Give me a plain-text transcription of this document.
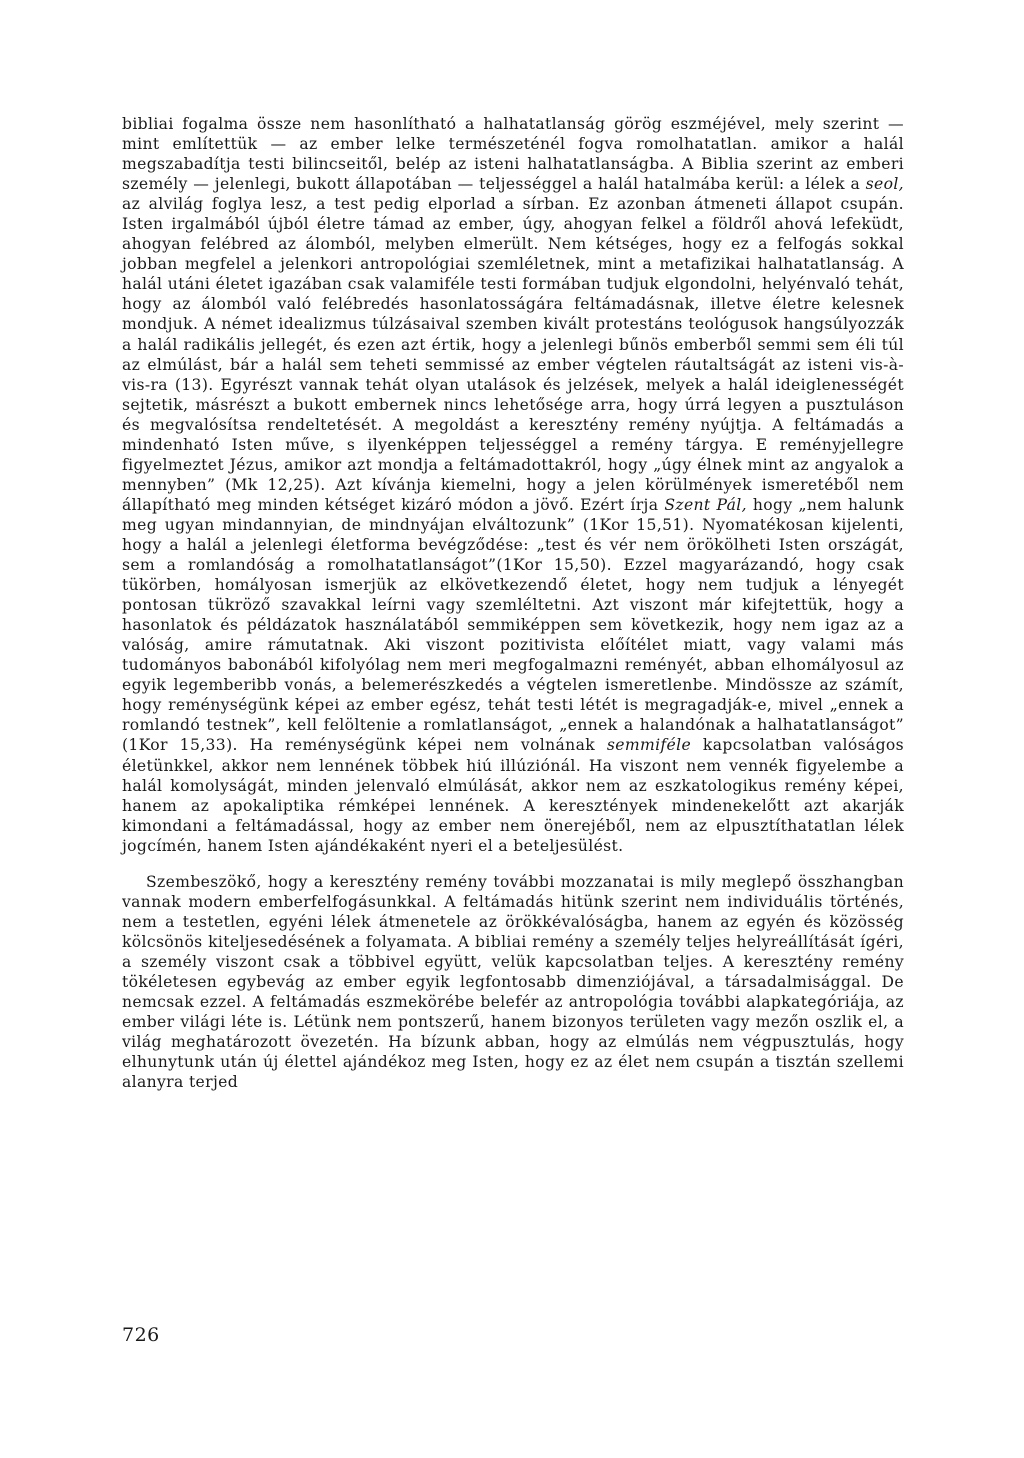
bibliai fogalma össze nem hasonlítható a halhatatlanság görög eszméjével, mely szerint — mint említettük — az ember lelke természeténél fogva romolhatatlan. amikor a halál megszabadítja testi bilincseitől, belép az isteni halhatatlanságba. A Biblia szerint az emberi személy — jelenlegi, bukott állapotában — teljességgel a halál hatalmába kerül: a lélek a seol, az alvilág foglya lesz, a test pedig elporlad a sírban. Ez azonban átmeneti állapot csupán. Isten irgalmából újból életre támad az ember, úgy, ahogyan felkel a földről ahová lefeküdt, ahogyan felébred az álomból, melyben elmerült. Nem kétséges, hogy ez a felfogás sokkal jobban megfelel a jelenkori antropológiai szemléletnek, mint a metafizikai halhatatlanság. A halál utáni életet igazában csak valamiféle testi formában tudjuk elgondolni, helyénvaló tehát, hogy az álomból való felébredés hasonlatosságára feltámadásnak, illetve életre kelesnek mondjuk. A német idealizmus túlzásaival szemben kivált protestáns teológusok hangsúlyozzák a halál radikális jellegét, és ezen azt értik, hogy a jelenlegi bűnös emberből semmi sem éli túl az elmúlást, bár a halál sem teheti semmissé az ember végtelen ráutaltságát az isteni vis-à-vis-ra (13). Egyrészt vannak tehát olyan utalások és jelzések, melyek a halál ideiglenességét sejtetik, másrészt a bukott embernek nincs lehetősége arra, hogy úrrá legyen a pusztuláson és megvalósítsa rendeltetését. A megoldást a keresztény remény nyújtja. A feltámadás a mindenható Isten műve, s ilyenképpen teljességgel a remény tárgya. E reményjellegre figyelmeztet Jézus, amikor azt mondja a feltámadottakról, hogy „úgy élnek mint az angyalok a mennyben” (Mk 12,25). Azt kívánja kiemelni, hogy a jelen körülmények ismeretéből nem állapítható meg minden kétséget kizáró módon a jövő. Ezért írja Szent Pál, hogy „nem halunk meg ugyan mindannyian, de mindnyájan elváltozunk” (1Kor 15,51). Nyomatékosan kijelenti, hogy a halál a jelenlegi életforma bevégződése: „test és vér nem örökölheti Isten országát, sem a romlandóság a romolhatatlanságot”(1Kor 15,50). Ezzel magyarázandó, hogy csak tükörben, homályosan ismerjük az elkövetkezendő életet, hogy nem tudjuk a lényegét pontosan tükröző szavakkal leírni vagy szemléltetni. Azt viszont már kifejtettük, hogy a hasonlatok és példázatok használatából semmiképpen sem következik, hogy nem igaz az a valóság, amire rámutatnak. Aki viszont pozitivista előítélet miatt, vagy valami más tudományos babonából kifolyólag nem meri megfogalmazni reményét, abban elhomályosul az egyik legemberibb vonás, a belemerészkedés a végtelen ismeretlenbe. Mindössze az számít, hogy reménységünk képei az ember egész, tehát testi létét is megragadják-e, mivel „ennek a romlandó testnek”, kell felöltenie a romlatlanságot, „ennek a halandónak a halhatatlanságot” (1Kor 15,33). Ha reménységünk képei nem volnának semmiféle kapcsolatban valóságos életünkkel, akkor nem lennének többek hiú illúziónál. Ha viszont nem vennék figyelembe a halál komolyságát, minden jelenvaló elmúlását, akkor nem az eszkatologikus remény képei, hanem az apokaliptika rémképei lennének. A keresztények mindenekelőtt azt akarják kimondani a feltámadással, hogy az ember nem önerejéből, nem az elpusztíthatatlan lélek jogcímén, hanem Isten ajándékaként nyeri el a beteljesülést.

Szembeszökő, hogy a keresztény remény további mozzanatai is mily meglepő összhangban vannak modern emberfelfogásunkkal. A feltámadás hitünk szerint nem individuális történés, nem a testetlen, egyéni lélek átmenetele az örökkévalóságba, hanem az egyén és közösség kölcsönös kiteljesedésének a folyamata. A bibliai remény a személy teljes helyreállítását ígéri, a személy viszont csak a többivel együtt, velük kapcsolatban teljes. A keresztény remény tökéletesen egybevág az ember egyik legfontosabb dimenziójával, a társadalmisággal. De nemcsak ezzel. A feltámadás eszmekörébe belefér az antropológia további alapkategóriája, az ember világi léte is. Létünk nem pontszerű, hanem bizonyos területen vagy mezőn oszlik el, a világ meghatározott övezetén. Ha bízunk abban, hogy az elmúlás nem végpusztulás, hogy elhunytunk után új élettel ajándékoz meg Isten, hogy ez az élet nem csupán a tisztán szellemi alanyra terjed

726
